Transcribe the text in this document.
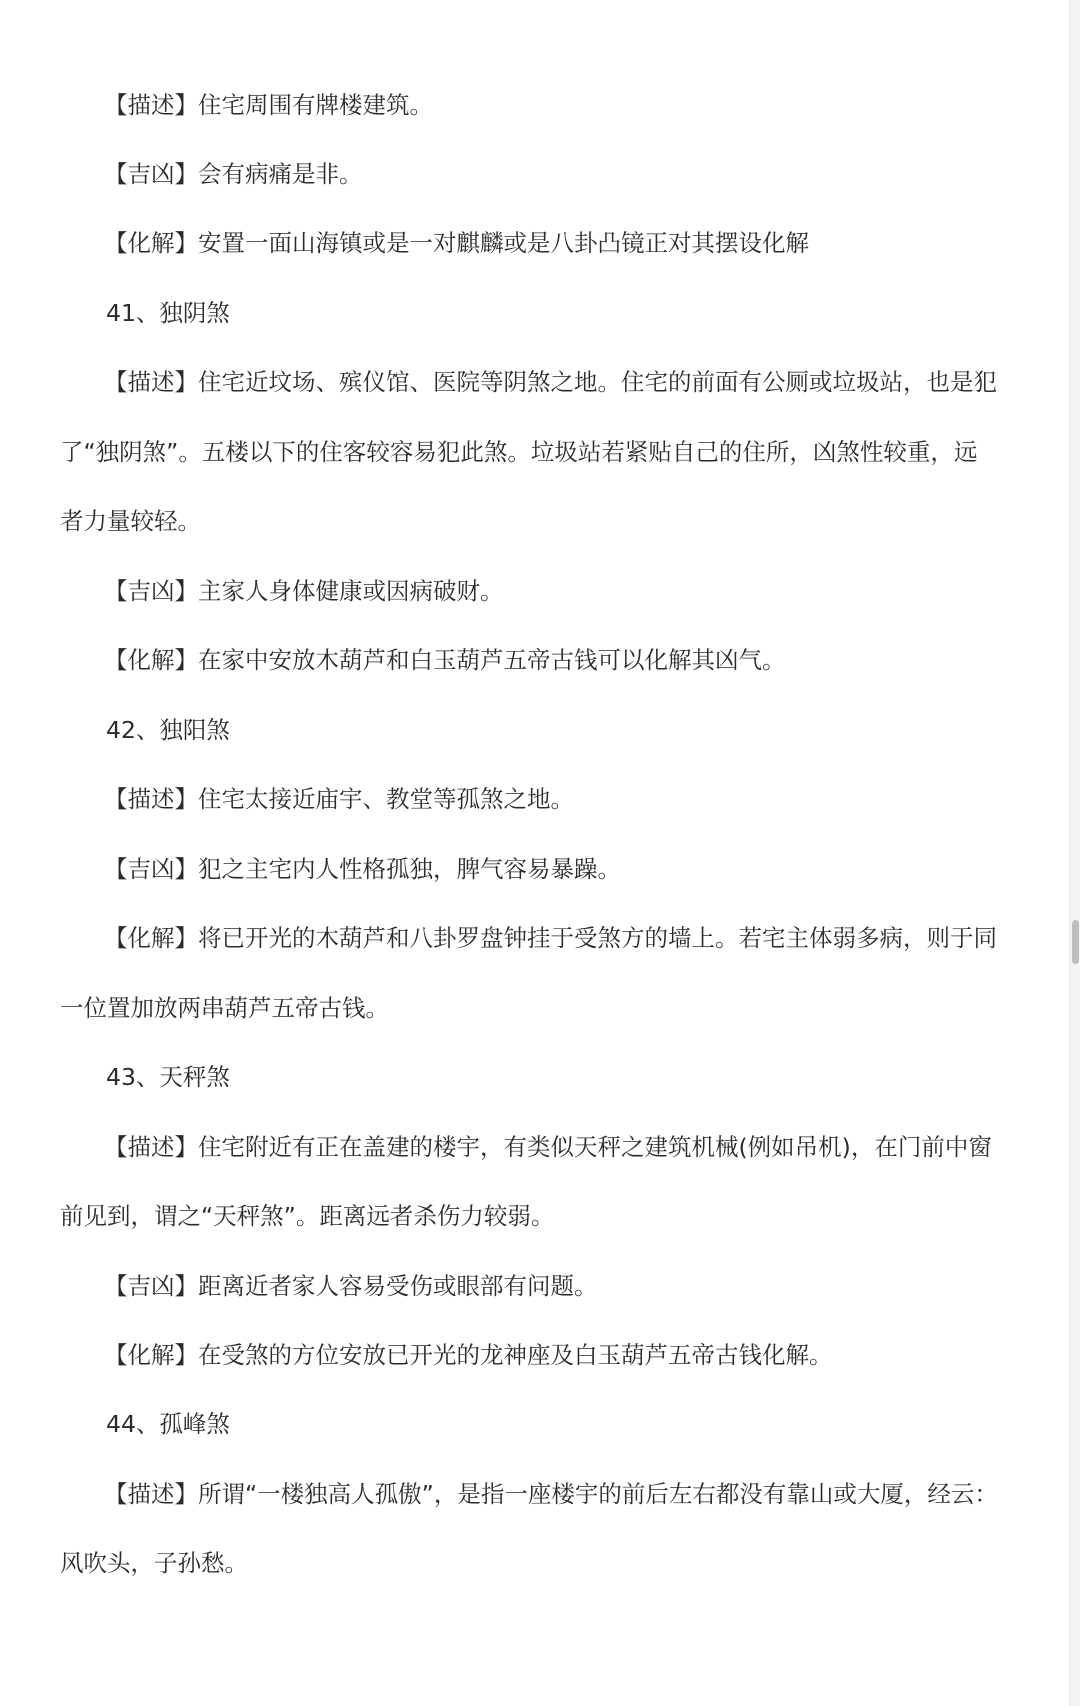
【描述】住宅周围有牌楼建筑。
【吉凶】会有病痛是非。
【化解】安置一面山海镇或是一对麒麟或是八卦凸镜正对其摆设化解
41、独阴煞
【描述】住宅近坟场、殡仪馆、医院等阴煞之地。住宅的前面有公厕或垃圾站，也是犯
了“独阴煞”。五楼以下的住客较容易犯此煞。垃圾站若紧贴自己的住所，凶煞性较重，远
者力量较轻。
【吉凶】主家人身体健康或因病破财。
【化解】在家中安放木葫芦和白玉葫芦五帝古钱可以化解其凶气。
42、独阳煞
【描述】住宅太接近庙宇、教堂等孤煞之地。
【吉凶】犯之主宅内人性格孤独，脾气容易暴躁。
【化解】将已开光的木葫芦和八卦罗盘钟挂于受煞方的墙上。若宅主体弱多病，则于同
一位置加放两串葫芦五帝古钱。
43、天秤煞
【描述】住宅附近有正在盖建的楼宇，有类似天秤之建筑机械(例如吊机)，在门前中窗
前见到，谓之“天秤煞”。距离远者杀伤力较弱。
【吉凶】距离近者家人容易受伤或眼部有问题。
【化解】在受煞的方位安放已开光的龙神座及白玉葫芦五帝古钱化解。
44、孤峰煞
【描述】所谓“一楼独高人孤傲”，是指一座楼宇的前后左右都没有靠山或大厦，经云：
风吹头，子孙愁。
